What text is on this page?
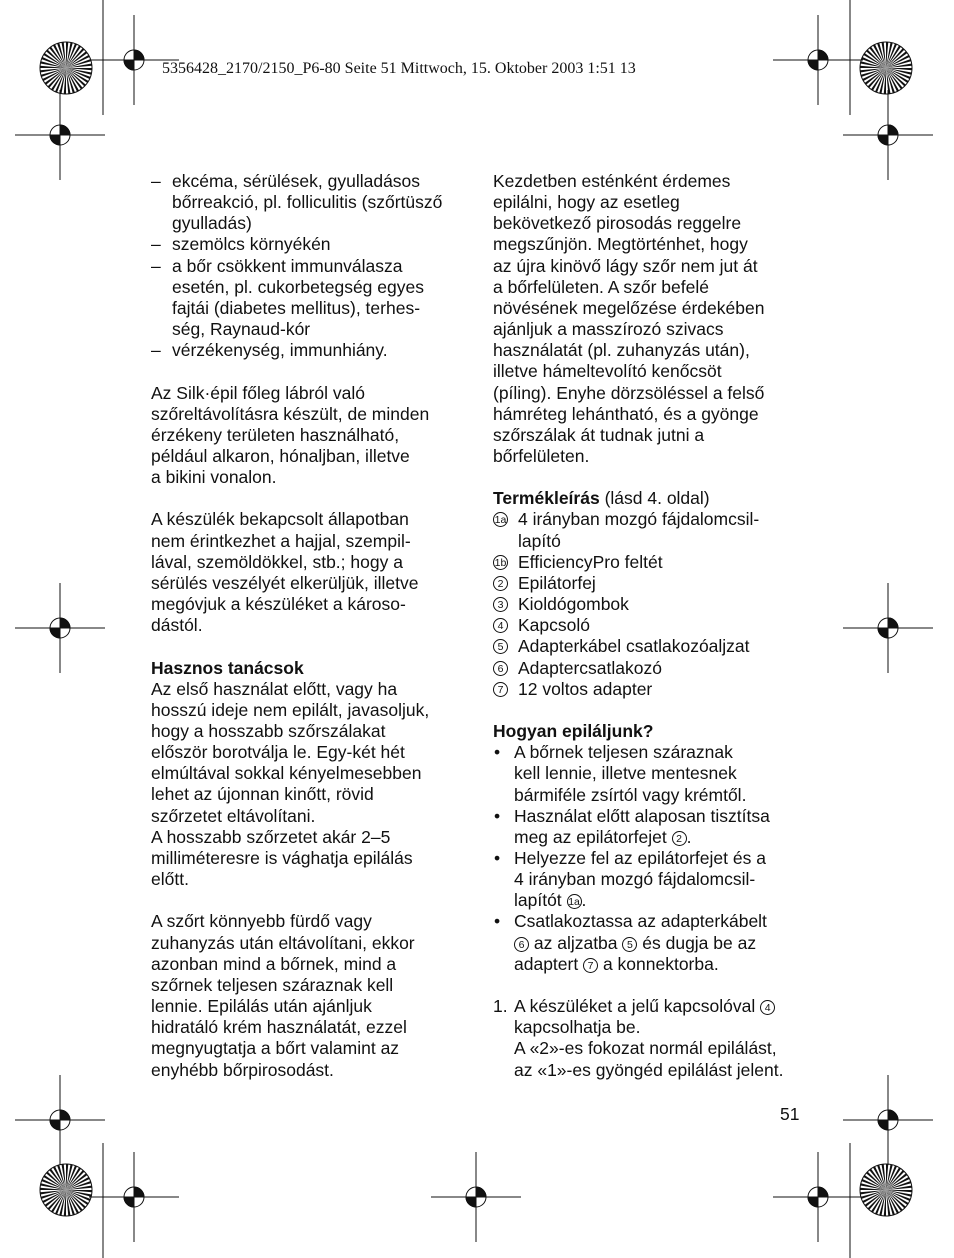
5356428_2170/2150_P6-80 Seite 51 Mittwoch, 15. Oktober 2003 1:51 13
– ekcéma, sérülések, gyulladásos
bőrreakció, pl. folliculitis (szőrtüsző
gyulladás)
– szemölcs környékén
– a bőr csökkent immunválasza
esetén, pl. cukorbetegség egyes
fajtái (diabetes mellitus), terhes-
ség, Raynaud-kór
– vérzékenység, immunhiány.

Az Silk·épil főleg lábról való
szőreltávolításra készült, de minden
érzékeny területen használható,
például alkaron, hónaljban, illetve
a bikini vonalon.

A készülék bekapcsolt állapotban
nem érintkezhet a hajjal, szempil-
lával, szemöldökkel, stb.; hogy a
sérülés veszélyét elkerüljük, illetve
megóvjuk a készüléket a károso-
dástól.

Hasznos tanácsok

Az első használat előtt, vagy ha
hosszú ideje nem epilált, javasoljuk,
hogy a hosszabb szőrszálakat
először borotválja le. Egy-két hét
elmúltával sokkal kényelmesebben
lehet az újonnan kinőtt, rövid
szőrzetet eltávolítani.
A hosszabb szőrzetet akár 2–5
milliméteresre is vághatja epilálás
előtt.

A szőrt könnyebb fürdő vagy
zuhanyzás után eltávolítani, ekkor
azonban mind a bőrnek, mind a
szőrnek teljesen száraznak kell
lennie. Epilálás után ajánljuk
hidratáló krém használatát, ezzel
megnyugtatja a bőrt valamint az
enyhébb bőrpirosodást.

Kezdetben esténként érdemes
epilálni, hogy az esetleg
bekövetkező pirosodás reggelre
megszűnjön. Megtörténhet, hogy
az újra kinövő lágy szőr nem jut át
a bőrfelületen. A szőr befelé
növésének megelőzése érdekében
ajánljuk a masszírozó szivacs
használatát (pl. zuhanyzás után),
illetve hámeltevolító kenőcsöt
(píling). Enyhe dörzsöléssel a felső
hámréteg lehántható, és a gyönge
szőrszálak át tudnak jutni a
bőrfelületen.

Termékleírás (lásd 4. oldal)
1a 4 irányban mozgó fájdalomcsil-
lapító
1b EfficiencyPro feltét
2 Epilátorfej
3 Kioldógombok
4 Kapcsoló
5 Adapterkábel csatlakozóaljzat
6 Adaptercsatlakozó
7 12 voltos adapter
Hogyan epiláljunk?
• A bőrnek teljesen száraznak
kell lennie, illetve mentesnek
bármiféle zsírtól vagy krémtől.
• Használat előtt alaposan tisztítsa
meg az epilátorfejet 2 .
• Helyezze fel az epilátorfejet és a
4 irányban mozgó fájdalomcsil-
lapítót 1a.
• Csatlakoztassa az adapterkábelt
6 az aljzatba 5 és dugja be az
adaptert 7 a konnektorba.
1. A készüléket a jelű kapcsolóval 4
kapcsolhatja be.
A «2»-es fokozat normál epilálást,
az «1»-es gyöngéd epilálást jelent.
51
